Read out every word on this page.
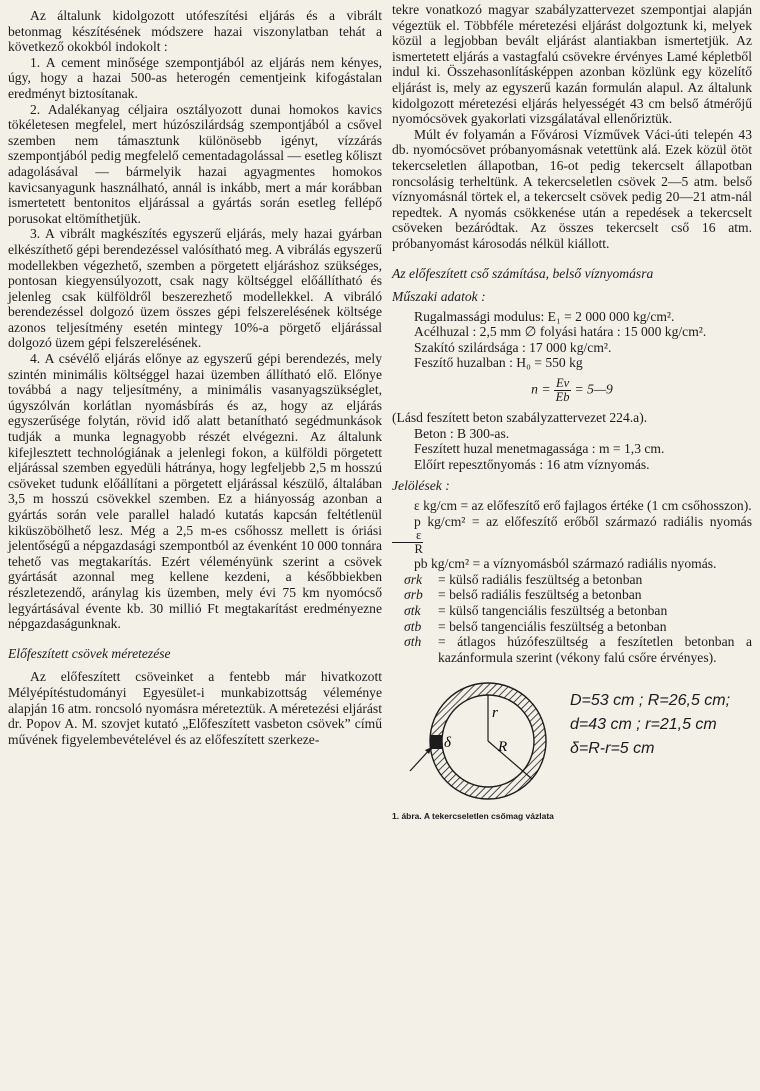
Az általunk kidolgozott utófeszítési eljárás és a vibrált betonmag készítésének módszere hazai viszonylatban tehát a következő okokból indokolt :

1. A cement minősége szempontjából az eljárás nem kényes, úgy, hogy a hazai 500-as heterogén cementjeink kifogástalan eredményt biztosítanak.

2. Adalékanyag céljaira osztályozott dunai homokos kavics tökéletesen megfelel, mert húzószilárdság szempontjából a csővel szemben nem támasztunk különösebb igényt, vízzárás szempontjából pedig megfelelő cementadagolással — esetleg kőliszt adagolásával — bármelyik hazai agyagmentes homokos kavicsanyagunk használható, annál is inkább, mert a már korábban ismertetett bentonitos eljárással a gyártás során esetleg fellépő porusokat eltömíthetjük.

3. A vibrált magkészítés egyszerű eljárás, mely hazai gyárban elkészíthető gépi berendezéssel valósítható meg. A vibrálás egyszerű modellekben végezhető, szemben a pörgetett eljáráshoz szükséges, pontosan kiegyensúlyozott, csak nagy költséggel előállítható és jelenleg csak külföldről beszerezhető modellekkel. A vibráló berendezéssel dolgozó üzem összes gépi felszerelésének költsége azonos teljesítmény esetén mintegy 10%-a pörgető eljárással dolgozó üzem gépi felszerelésének.

4. A csévélő eljárás előnye az egyszerű gépi berendezés, mely szintén minimális költséggel hazai üzemben állítható elő. Előnye továbbá a nagy teljesítmény, a minimális vasanyagszükséglet, úgyszólván korlátlan nyomásbírás és az, hogy az eljárás egyszerűsége folytán, rövid idő alatt betanítható segédmunkások tudják a munka legnagyobb részét elvégezni. Az általunk kifejlesztett technológiának a jelenlegi fokon, a külföldi pörgetett eljárással szemben egyedüli hátránya, hogy legfeljebb 2,5 m hosszú csöveket tudunk előállítani a pörgetett eljárással készülő, általában 3,5 m hosszú csövekkel szemben. Ez a hiányosság azonban a gyártás során vele parallel haladó kutatás kapcsán feltétlenül kiküszöbölhető lesz. Még a 2,5 m-es csőhossz mellett is óriási jelentőségű a népgazdasági szempontból az évenként 10 000 tonnára tehető vas megtakarítás. Ezért véleményünk szerint a csövek gyártását azonnal meg kellene kezdeni, a későbbiekben részletezendő, aránylag kis üzemben, mely évi 75 km nyomócső legyártásával évente kb. 30 millió Ft megtakarítást eredményezne népgazdaságunknak.

Előfeszített csövek méretezése

Az előfeszített csöveinket a fentebb már hivatkozott Mélyépítéstudományi Egyesület-i munkabizottság véleménye alapján 16 atm. roncsoló nyomásra méreteztük. A méretezési eljárást dr. Popov A. M. szovjet kutató „Előfeszített vasbeton csövek” című művének figyelembevételével és az előfeszített szerkeze-

tekre vonatkozó magyar szabályzattervezet szempontjai alapján végeztük el. Többféle méretezési eljárást dolgoztunk ki, melyek közül a legjobban bevált eljárást alantiakban ismertetjük. Az ismertetett eljárás a vastagfalú csövekre érvényes Lamé képletből indul ki. Összehasonlításképpen azonban közlünk egy közelítő eljárást is, mely az egyszerű kazán formulán alapul. Az általunk kidolgozott méretezési eljárás helyességét 43 cm belső átmérőjű nyomócsövek gyakorlati vizsgálatával ellenőriztük.

Múlt év folyamán a Fővárosi Vízművek Váci-úti telepén 43 db. nyomócsövet próbanyomásnak vetettünk alá. Ezek közül ötöt tekercseletlen állapotban, 16-ot pedig tekercselt állapotban roncsolásig terheltünk. A tekercseletlen csövek 2—5 atm. belső víznyomásnál törtek el, a tekercselt csövek pedig 20—21 atm-nál repedtek. A nyomás csökkenése után a repedések a tekercselt csöveken bezáródtak. Az összes tekercselt cső 16 atm. próbanyomást károsodás nélkül kiállott.

Az előfeszített cső számítása, belső víznyomásra
Műszaki adatok :

Rugalmassági modulus: E₁ = 2 000 000 kg/cm².

Acélhuzal : 2,5 mm ∅ folyási határa : 15 000 kg/cm².

Szakító szilárdsága : 17 000 kg/cm².

Feszítő huzalban : H₀ = 550 kg

$n = \frac{Ev}{Eb}$ = 5—9

(Lásd feszített beton szabályzattervezet 224.a).

Beton : B 300-as.

Feszített huzal menetmagassága : m = 1,3 cm.

Előírt repesztőnyomás : 16 atm víznyomás.

Jelölések :

ε kg/cm = az előfeszítő erő fajlagos értéke (1 cm csőhosszon).

p kg/cm² = az előfeszítő erőből származó radiális nyomás
$\frac{\varepsilon}{R}$

pb kg/cm² = a víznyomásból származó radiális nyomás.

σrk	= külső radiális feszültség a betonban
σrb	= belső radiális feszültség a betonban
σtk	= külső tangenciális feszültség a betonban
σtb	= belső tangenciális feszültség a betonban
σth	= átlagos húzófeszültség a feszítetlen betonban a kazánformula szerint (vékony falú csőre érvényes).
r
R
δ
D=53 cm ; R=26,5 cm;
d=43 cm ; r=21,5 cm
δ=R-r=5 cm
1. ábra. A tekercseletlen csőmag vázlata
